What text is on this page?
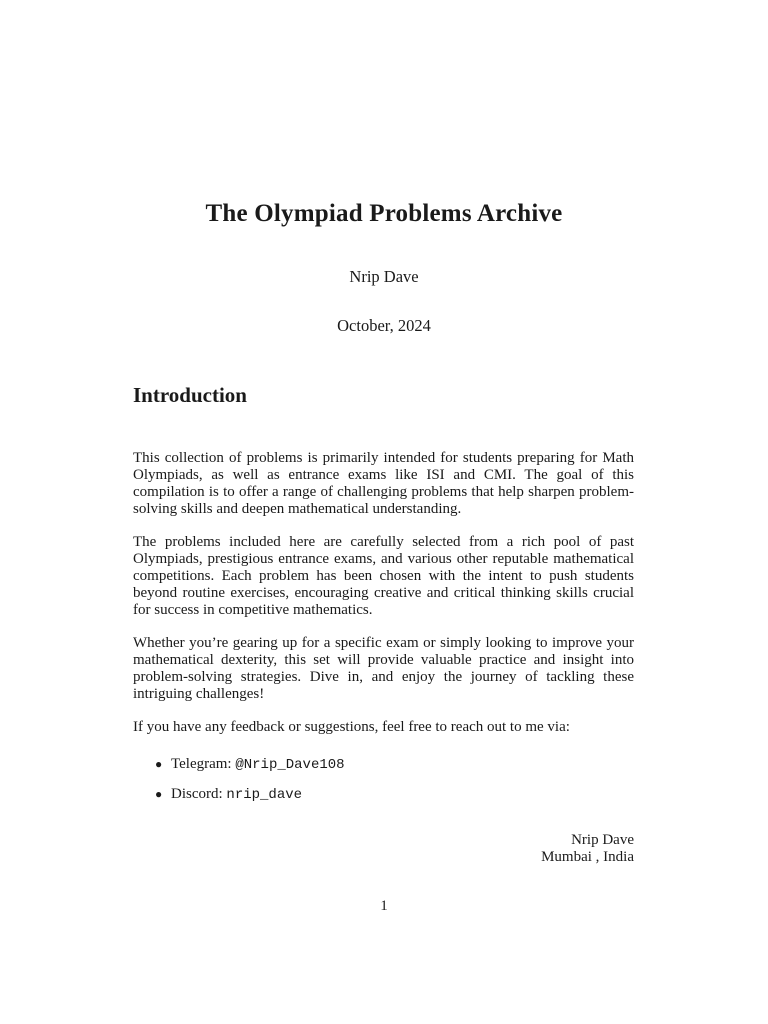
The Olympiad Problems Archive
Nrip Dave
October, 2024
Introduction

This collection of problems is primarily intended for students preparing for Math Olympiads, as well as entrance exams like ISI and CMI. The goal of this compilation is to offer a range of challenging problems that help sharpen problem-solving skills and deepen mathematical understanding.

The problems included here are carefully selected from a rich pool of past Olympiads, prestigious entrance exams, and various other reputable mathematical competitions. Each problem has been chosen with the intent to push students beyond routine exercises, encouraging creative and critical thinking skills crucial for success in competitive mathematics.

Whether you’re gearing up for a specific exam or simply looking to improve your mathematical dexterity, this set will provide valuable practice and insight into problem-solving strategies. Dive in, and enjoy the journey of tackling these intriguing challenges!

If you have any feedback or suggestions, feel free to reach out to me via:

● Telegram: @Nrip_Dave108
● Discord: nrip_dave
Nrip Dave
Mumbai , India
1
